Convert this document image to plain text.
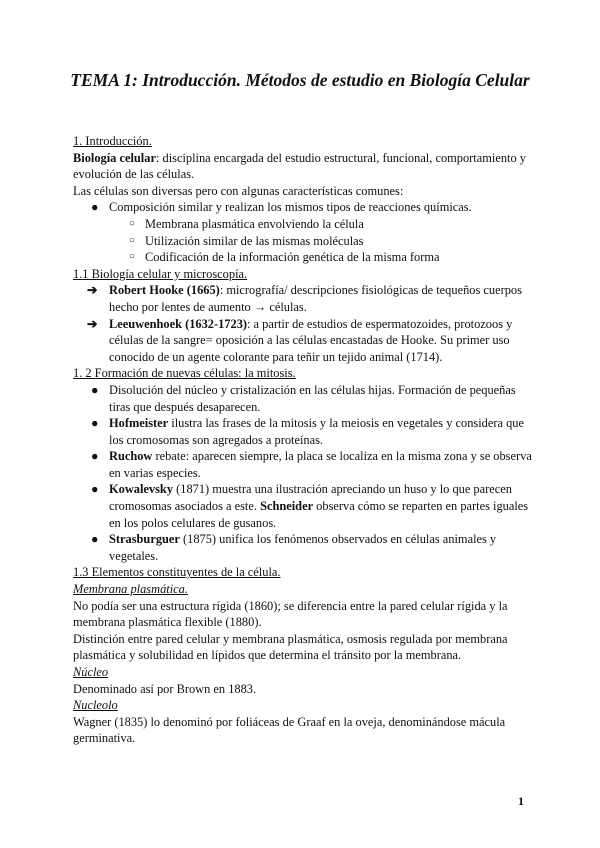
TEMA 1: Introducción. Métodos de estudio en Biología Celular

1. Introducción.

Biología celular: disciplina encargada del estudio estructural, funcional, comportamiento y evolución de las células.

Las células son diversas pero con algunas características comunes:

● Composición similar y realizan los mismos tipos de reacciones químicas.
○ Membrana plasmática envolviendo la célula
○ Utilización similar de las mismas moléculas
○ Codificación de la información genética de la misma forma

1.1 Biología celular y microscopía.

➔ Robert Hooke (1665): micrografía/ descripciones fisiológicas de tequeños cuerpos hecho por lentes de aumento → células.
➔ Leeuwenhoek (1632-1723): a partir de estudios de espermatozoides, protozoos y células de la sangre= oposición a las células encastadas de Hooke. Su primer uso conocido de un agente colorante para teñir un tejido animal (1714).

1. 2 Formación de nuevas células: la mitosis.

● Disolución del núcleo y cristalización en las células hijas. Formación de pequeñas tiras que después desaparecen.
● Hofmeister ilustra las frases de la mitosis y la meiosis en vegetales y considera que los cromosomas son agregados a proteínas.
● Ruchow rebate: aparecen siempre, la placa se localiza en la misma zona y se observa en varias especies.
● Kowalevsky (1871) muestra una ilustración apreciando un huso y lo que parecen cromosomas asociados a este. Schneider observa cómo se reparten en partes iguales en los polos celulares de gusanos.
● Strasburguer (1875) unifica los fenómenos observados en células animales y vegetales.

1.3 Elementos constituyentes de la célula.

Membrana plasmática.

No podía ser una estructura rígida (1860); se diferencia entre la pared celular rígida y la membrana plasmática flexible (1880).

Distinción entre pared celular y membrana plasmática, osmosis regulada por membrana plasmática y solubilidad en lípidos que determina el tránsito por la membrana.

Núcleo

Denominado así por Brown en 1883.

Nucleolo

Wagner (1835) lo denominó por foliáceas de Graaf en la oveja, denominándose mácula germinativa.

1
